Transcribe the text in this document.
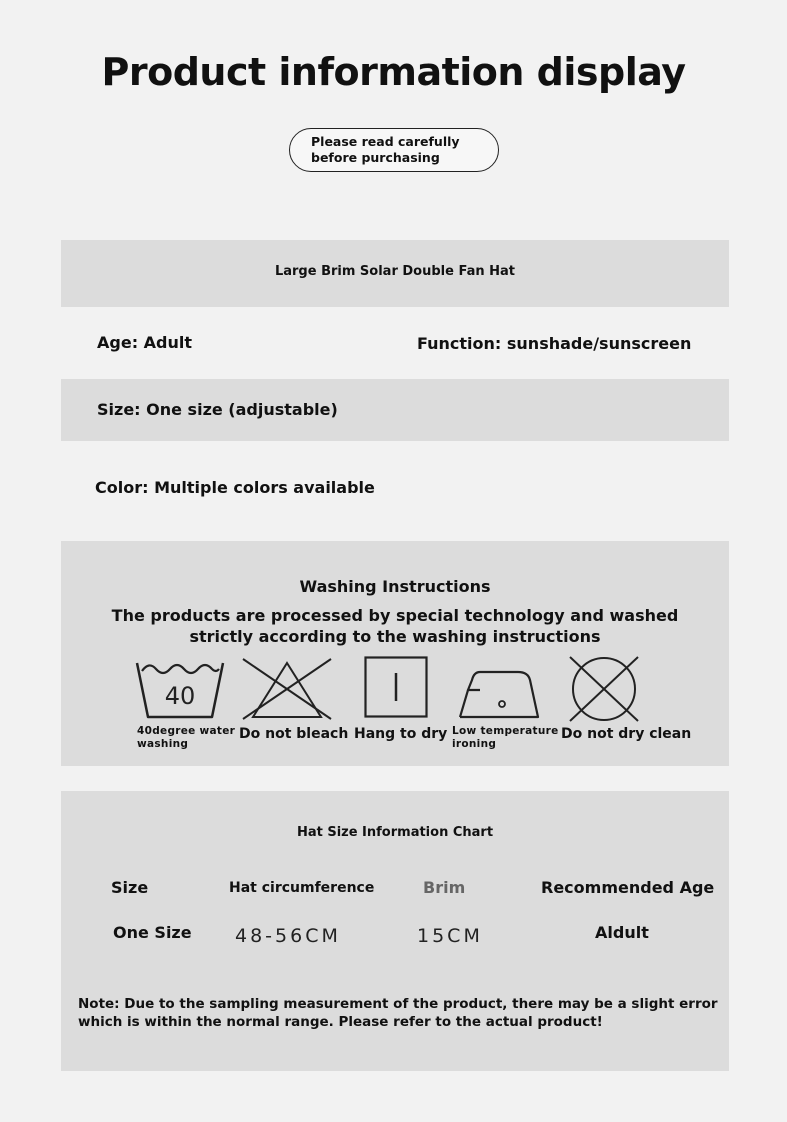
Product information display
Please read carefully before purchasing
Large Brim Solar Double Fan Hat
Age: Adult	Function: sunshade/sunscreen
Size: One size (adjustable)
Color: Multiple colors available
Washing Instructions
The products are processed by special technology and washed strictly according to the washing instructions
40
40degree water washing
Do not bleach Hang to dry Low temperature ironing
Do not dry clean
Hat Size Information Chart
Size	Hat circumference	Brim	Recommended Age
One Size 48-56CM	15CM	Aldult
Note: Due to the sampling measurement of the product, there may be a slight error which is within the normal range. Please refer to the actual product!
